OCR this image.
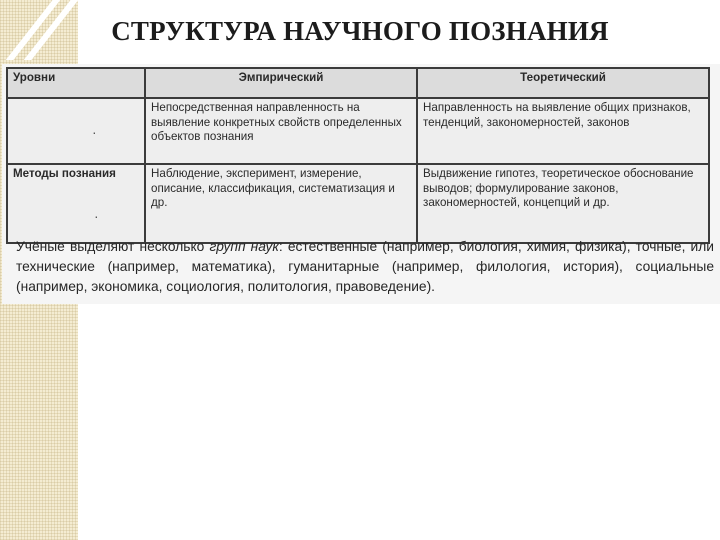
СТРУКТУРА НАУЧНОГО ПОЗНАНИЯ
Уровни	Эмпирический	Теоретический
	Непосредственная направленность на выявление конкретных свойств определенных объектов познания	Направленность на выявление общих признаков, тенденций, закономерностей, законов
Методы познания	Наблюдение, эксперимент, измерение, описание, классификация, систематизация и др.	Выдвижение гипотез, теоретическое обоснование выводов; формулирование законов, закономерностей, концепций и др.
·
·
Учёные выделяют несколько групп наук: естественные (например, биология, химия, физика), точные, или технические (например, математика), гуманитарные (например, филология, история), социальные (например, экономика, социология, политология, правоведение).
